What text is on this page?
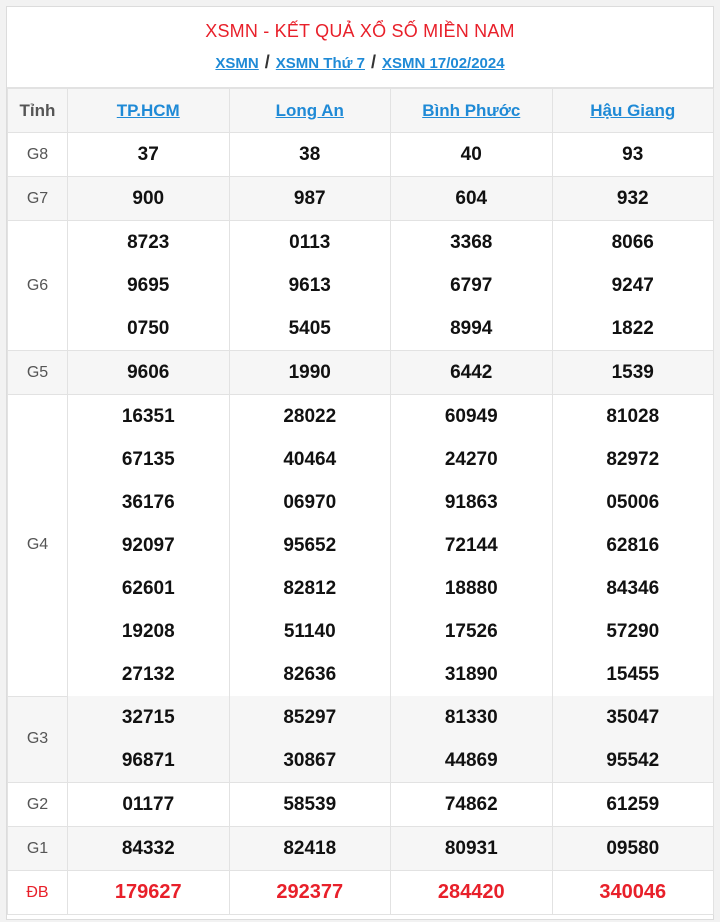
XSMN - KẾT QUẢ XỔ SỐ MIỀN NAM
XSMN / XSMN Thứ 7 / XSMN 17/02/2024
Tỉnh	TP.HCM	Long An	Bình Phước	Hậu Giang
G8	37	38	40	93
G7	900	987	604	932
G6	8723	0113	3368	8066
	9695	9613	6797	9247
	0750	5405	8994	1822
G5	9606	1990	6442	1539
G4	16351	28022	60949	81028
	67135	40464	24270	82972
	36176	06970	91863	05006
	92097	95652	72144	62816
	62601	82812	18880	84346
	19208	51140	17526	57290
	27132	82636	31890	15455
G3	32715	85297	81330	35047
	96871	30867	44869	95542
G2	01177	58539	74862	61259
G1	84332	82418	80931	09580
ĐB	179627	292377	284420	340046
